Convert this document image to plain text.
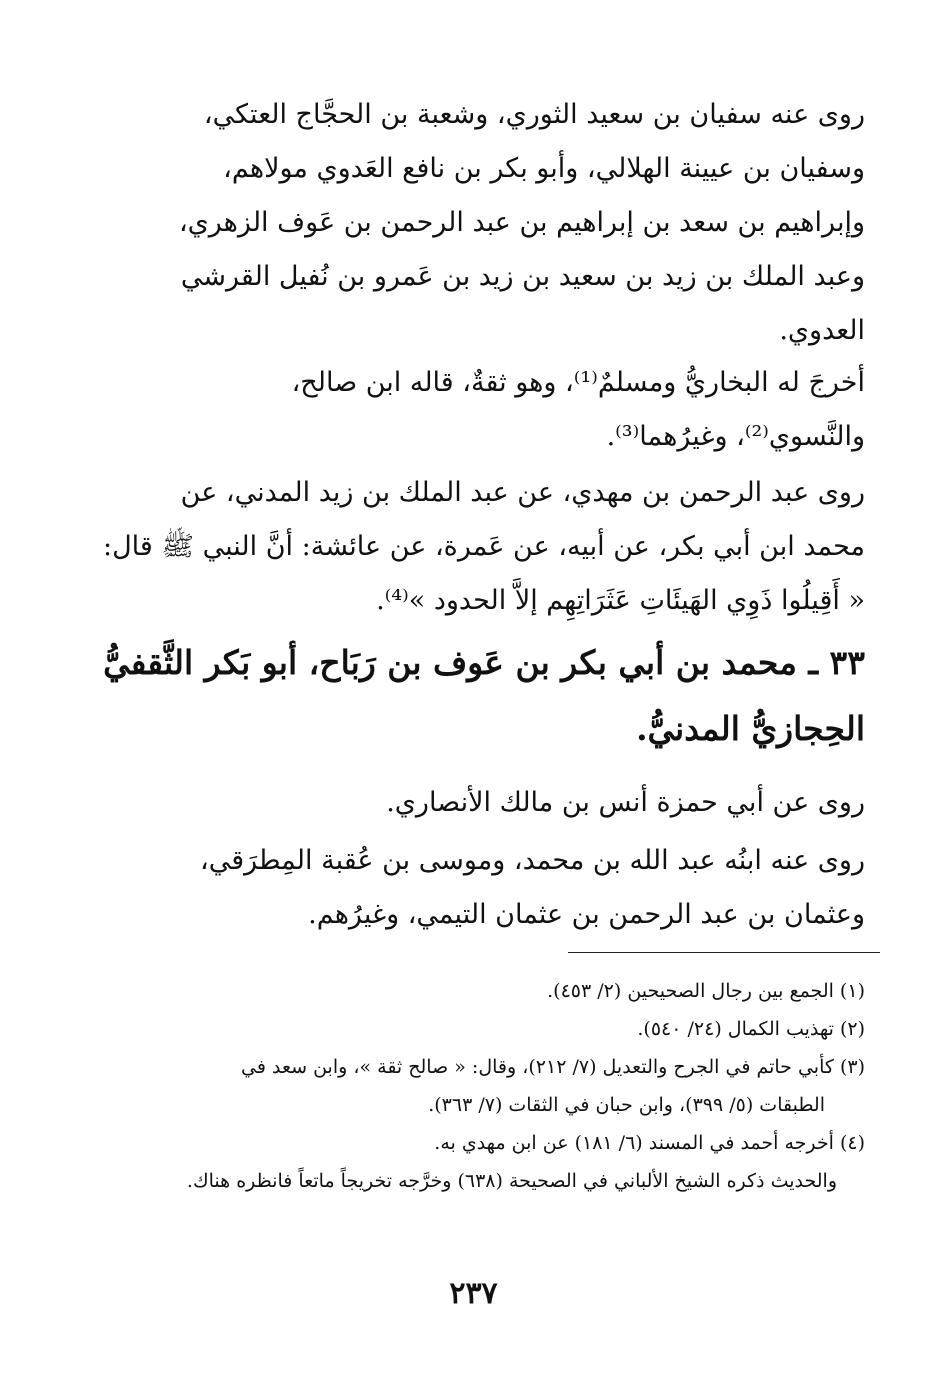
روى عنه سفيان بن سعيد الثوري، وشعبة بن الحجَّاج العتكي،
وسفيان بن عيينة الهلالي، وأبو بكر بن نافع العَدوي مولاهم،
وإبراهيم بن سعد بن إبراهيم بن عبد الرحمن بن عَوف الزهري،
وعبد الملك بن زيد بن سعيد بن زيد بن عَمرو بن نُفيل القرشي
العدوي.
أخرجَ له البخاريُّ ومسلمٌ⁽¹⁾، وهو ثقةٌ، قاله ابن صالح،
والنَّسوي⁽²⁾، وغيرُهما⁽³⁾.
روى عبد الرحمن بن مهدي، عن عبد الملك بن زيد المدني، عن
محمد ابن أبي بكر، عن أبيه، عن عَمرة، عن عائشة: أنَّ النبي ﷺ قال:
« أَقِيلُوا ذَوِي الهَيئَاتِ عَثَرَاتِهِم إلاَّ الحدود »⁽⁴⁾.
٣٣ ـ محمد بن أبي بكر بن عَوف بن رَبَاح، أبو بَكر الثَّقفيُّ
الحِجازيُّ المدنيُّ.
روى عن أبي حمزة أنس بن مالك الأنصاري.
روى عنه ابنُه عبد الله بن محمد، وموسى بن عُقبة المِطرَقي،
وعثمان بن عبد الرحمن بن عثمان التيمي، وغيرُهم.
(١) الجمع بين رجال الصحيحين (٢/ ٤٥٣).
(٢) تهذيب الكمال (٢٤/ ٥٤٠).
(٣) كأبي حاتم في الجرح والتعديل (٧/ ٢١٢)، وقال: « صالح ثقة »، وابن سعد في
الطبقات (٥/ ٣٩٩)، وابن حبان في الثقات (٧/ ٣٦٣).
(٤) أخرجه أحمد في المسند (٦/ ١٨١) عن ابن مهدي به.
والحديث ذكره الشيخ الألباني في الصحيحة (٦٣٨) وخرَّجه تخريجاً ماتعاً فانظره هناك.
٢٣٧
